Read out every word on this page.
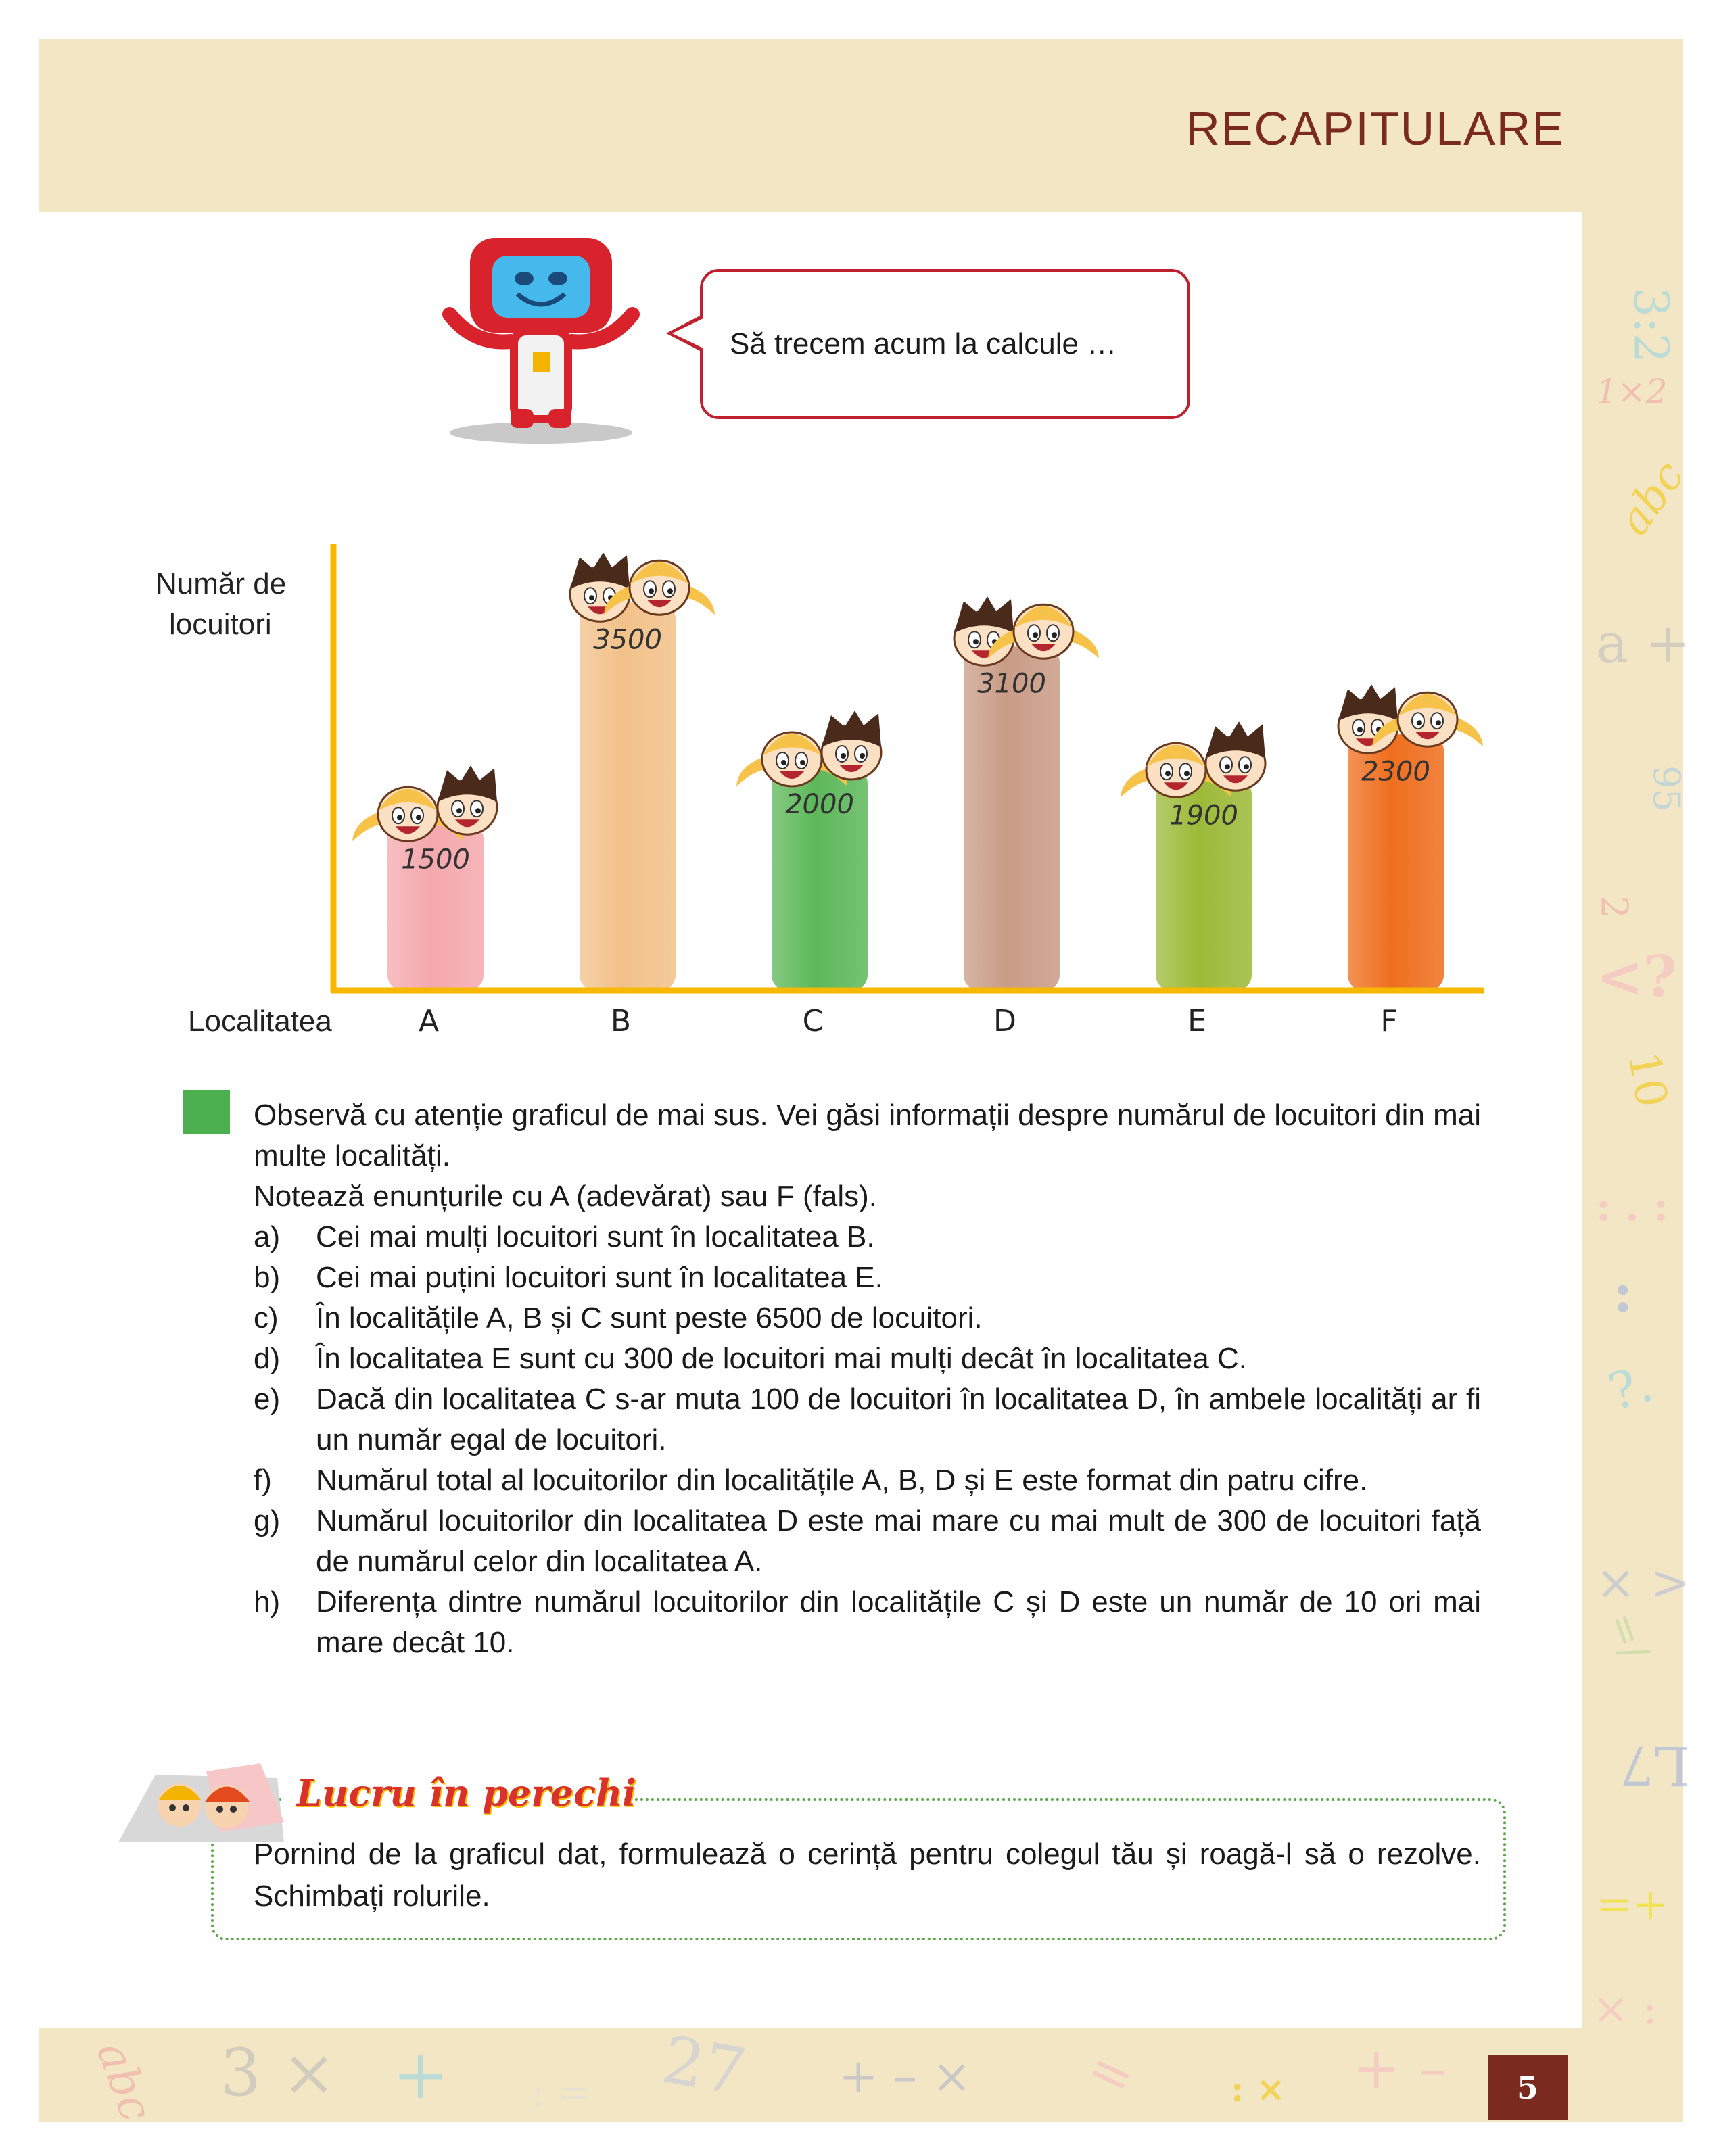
RECAPITULARE
3:2
1×2
abc
a +
95
2
<?
10
: . :
:
?.
× >
=/
L7
=+
× :
abc 3 × + : = 27 + – × = : × + –	5
Să trecem acum la calcule …
Număr de
locuitori
Localitatea
1500
A
3500
B
2000
C
3100
D
1900
E
2300
F

Observă cu atenție graficul de mai sus. Vei găsi informații despre numărul de locuitori din mai multe localități.

Notează enunțurile cu A (adevărat) sau F (fals).

a)	Cei mai mulți locuitori sunt în localitatea B.
b)	Cei mai puțini locuitori sunt în localitatea E.
c)	În localitățile A, B și C sunt peste 6500 de locuitori.
d)	În localitatea E sunt cu 300 de locuitori mai mulți decât în localitatea C.
e)	Dacă din localitatea C s-ar muta 100 de locuitori în localitatea D, în ambele localități ar fi un număr egal de locuitori.
f)	Numărul total al locuitorilor din localitățile A, B, D și E este format din patru cifre.
g)	Numărul locuitorilor din localitatea D este mai mare cu mai mult de 300 de locuitori față de numărul celor din localitatea A.
h)	Diferența dintre numărul locuitorilor din localitățile C și D este un număr de 10 ori mai mare decât 10.
Lucru în perechi
Pornind de la graficul dat, formulează o cerință pentru colegul tău și roagă-l să o rezolve. Schimbați rolurile.
